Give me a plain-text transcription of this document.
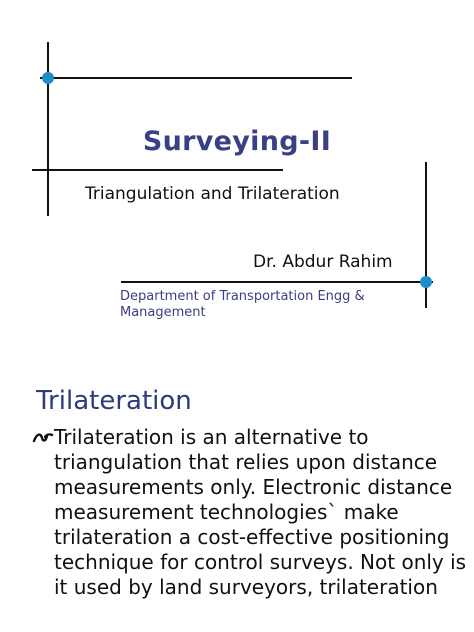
Surveying-II
Triangulation and Trilateration
Dr. Abdur Rahim
Department of Transportation Engg & Management
Trilateration
Trilateration is an alternative to triangulation that relies upon distance measurements only. Electronic distance measurement technologies` make trilateration a cost-effective positioning technique for control surveys. Not only is it used by land surveyors, trilateration
